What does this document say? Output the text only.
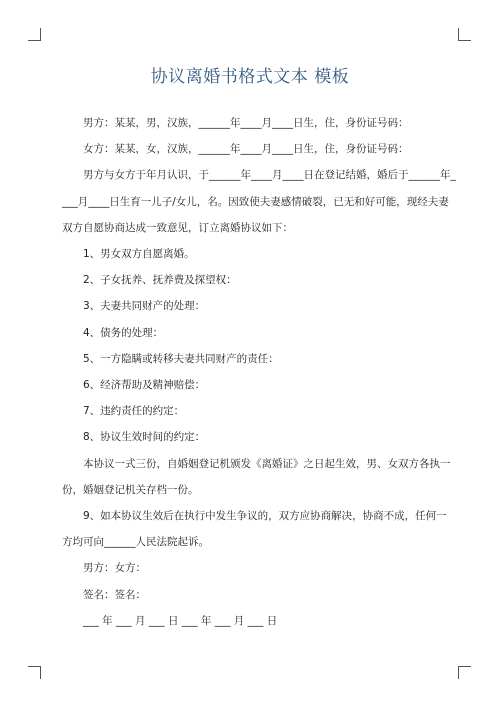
协议离婚书格式文本 模板

男方：某某，男，汉族，______年____月____日生，住，身份证号码：

女方：某某，女，汉族，______年____月____日生，住，身份证号码：

男方与女方于年月认识，于______年____月____日在登记结婚，婚后于______年_

___月____日生育一儿子/女儿，名。因致使夫妻感情破裂，已无和好可能，现经夫妻

双方自愿协商达成一致意见，订立离婚协议如下：

1、男女双方自愿离婚。

2、子女抚养、抚养费及探望权：

3、夫妻共同财产的处理：

4、债务的处理：

5、一方隐瞒或转移夫妻共同财产的责任：

6、经济帮助及精神赔偿：

7、违约责任的约定：

8、协议生效时间的约定：

本协议一式三份，自婚姻登记机颁发《离婚证》之日起生效，男、女双方各执一

份，婚姻登记机关存档一份。

9、如本协议生效后在执行中发生争议的，双方应协商解决，协商不成，任何一

方均可向______人民法院起诉。

男方：女方：

签名：签名：

___ 年 ___ 月 ___ 日 ___ 年 ___ 月 ___ 日
